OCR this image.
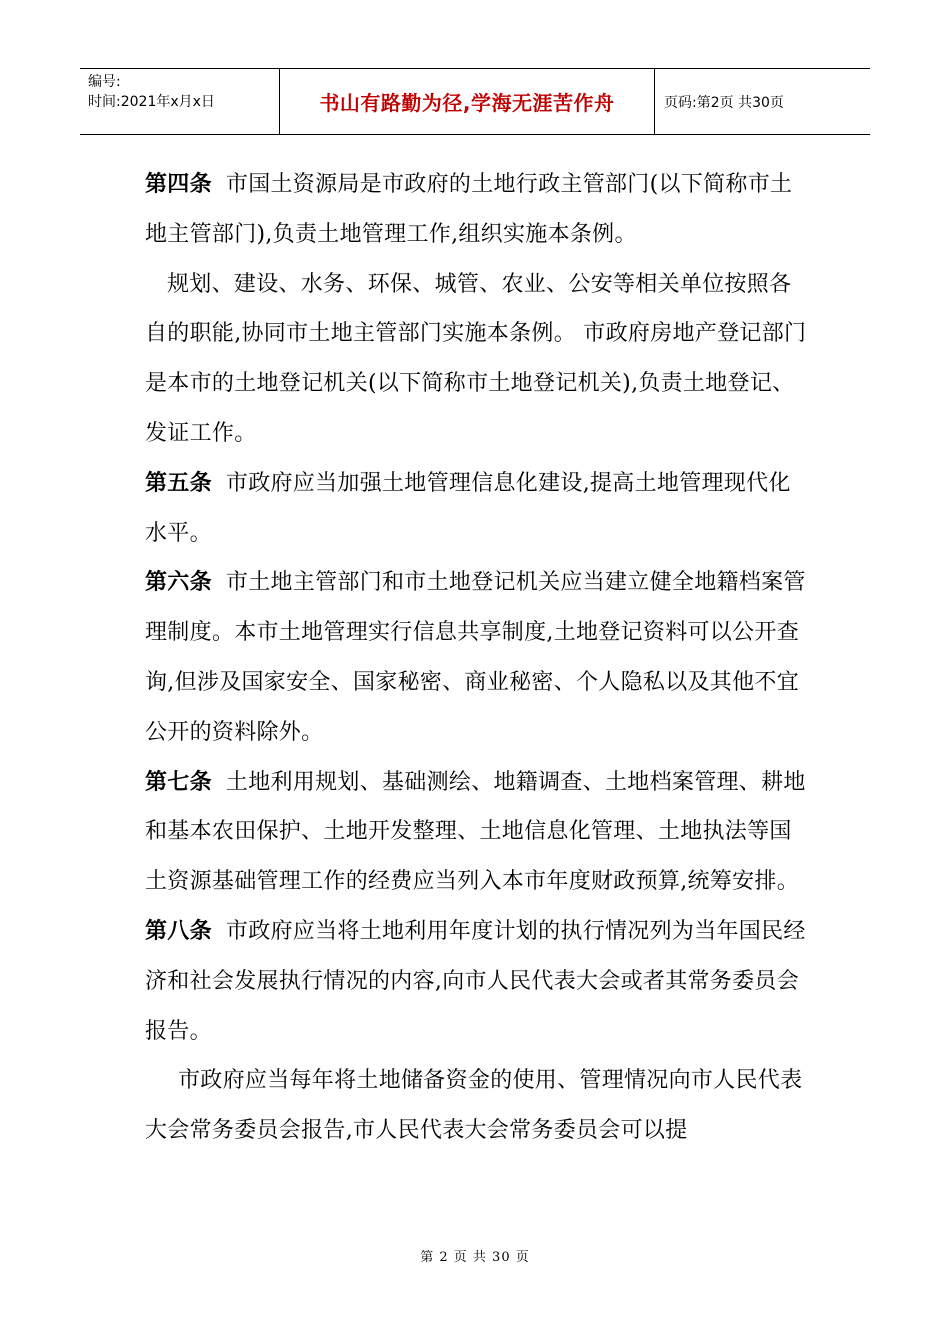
编号:
时间:2021年x月x日	书山有路勤为径,学海无涯苦作舟	页码:第2页 共30页

第四条 市国土资源局是市政府的土地行政主管部门(以下简称市土地主管部门),负责土地管理工作,组织实施本条例。

规划、建设、水务、环保、城管、农业、公安等相关单位按照各自的职能,协同市土地主管部门实施本条例。 市政府房地产登记部门是本市的土地登记机关(以下简称市土地登记机关),负责土地登记、发证工作。

第五条 市政府应当加强土地管理信息化建设,提高土地管理现代化水平。

第六条 市土地主管部门和市土地登记机关应当建立健全地籍档案管理制度。本市土地管理实行信息共享制度,土地登记资料可以公开查询,但涉及国家安全、国家秘密、商业秘密、个人隐私以及其他不宜公开的资料除外。

第七条 土地利用规划、基础测绘、地籍调查、土地档案管理、耕地和基本农田保护、土地开发整理、土地信息化管理、土地执法等国土资源基础管理工作的经费应当列入本市年度财政预算,统筹安排。

第八条 市政府应当将土地利用年度计划的执行情况列为当年国民经济和社会发展执行情况的内容,向市人民代表大会或者其常务委员会报告。

市政府应当每年将土地储备资金的使用、管理情况向市人民代表大会常务委员会报告,市人民代表大会常务委员会可以提

第 2 页 共 30 页
